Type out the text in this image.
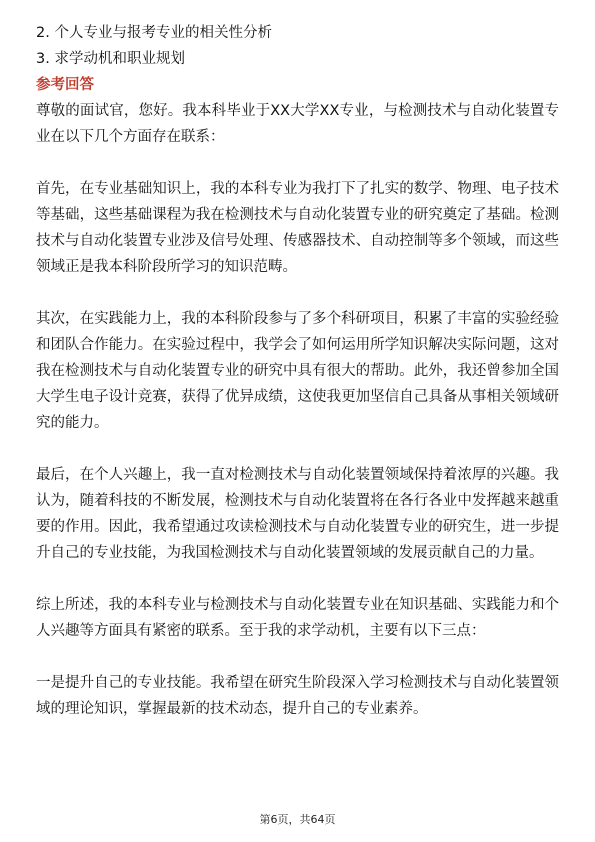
2. 个人专业与报考专业的相关性分析

3. 求学动机和职业规划

参考回答

尊敬的面试官，您好。我本科毕业于XX大学XX专业，与检测技术与自动化装置专业在以下几个方面存在联系：

首先，在专业基础知识上，我的本科专业为我打下了扎实的数学、物理、电子技术等基础，这些基础课程为我在检测技术与自动化装置专业的研究奠定了基础。检测技术与自动化装置专业涉及信号处理、传感器技术、自动控制等多个领域，而这些领域正是我本科阶段所学习的知识范畴。

其次，在实践能力上，我的本科阶段参与了多个科研项目，积累了丰富的实验经验和团队合作能力。在实验过程中，我学会了如何运用所学知识解决实际问题，这对我在检测技术与自动化装置专业的研究中具有很大的帮助。此外，我还曾参加全国大学生电子设计竞赛，获得了优异成绩，这使我更加坚信自己具备从事相关领域研究的能力。

最后，在个人兴趣上，我一直对检测技术与自动化装置领域保持着浓厚的兴趣。我认为，随着科技的不断发展，检测技术与自动化装置将在各行各业中发挥越来越重要的作用。因此，我希望通过攻读检测技术与自动化装置专业的研究生，进一步提升自己的专业技能，为我国检测技术与自动化装置领域的发展贡献自己的力量。

综上所述，我的本科专业与检测技术与自动化装置专业在知识基础、实践能力和个人兴趣等方面具有紧密的联系。至于我的求学动机，主要有以下三点：

一是提升自己的专业技能。我希望在研究生阶段深入学习检测技术与自动化装置领域的理论知识，掌握最新的技术动态，提升自己的专业素养。

第6页，共64页
